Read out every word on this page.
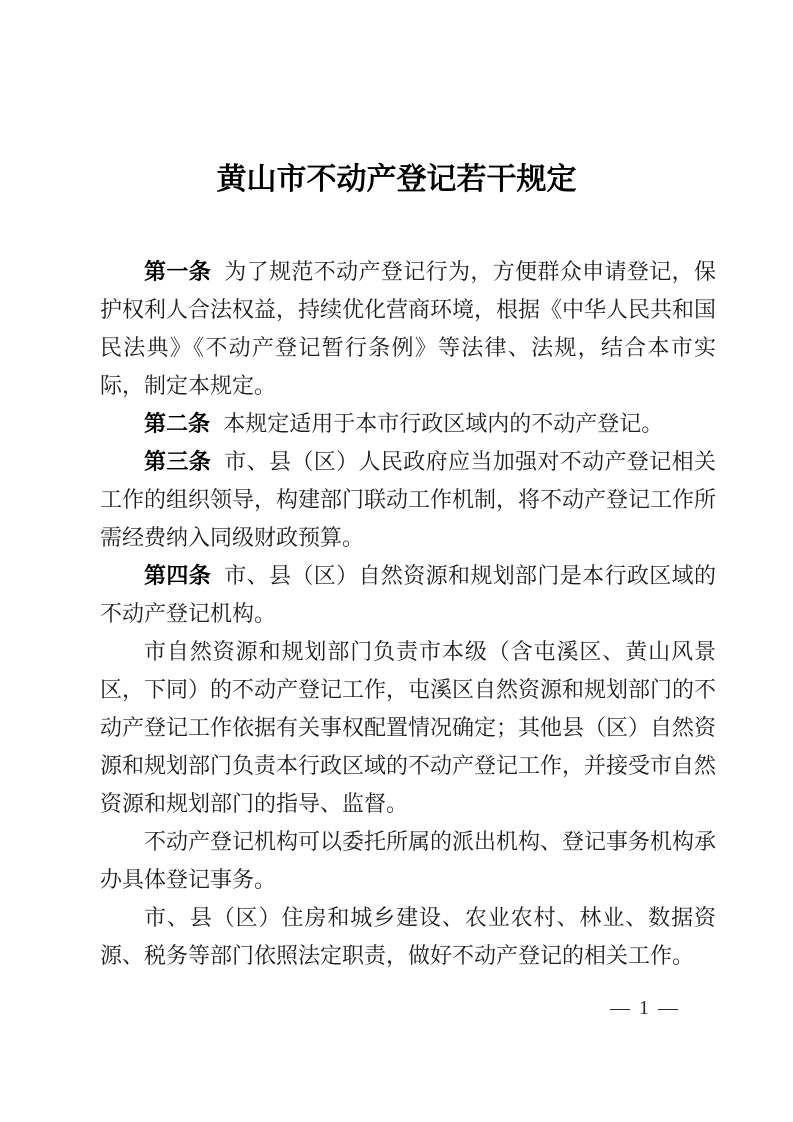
黄山市不动产登记若干规定

第一条 为了规范不动产登记行为，方便群众申请登记，保护权利人合法权益，持续优化营商环境，根据《中华人民共和国民法典》《不动产登记暂行条例》等法律、法规，结合本市实际，制定本规定。

第二条 本规定适用于本市行政区域内的不动产登记。

第三条 市、县（区）人民政府应当加强对不动产登记相关工作的组织领导，构建部门联动工作机制，将不动产登记工作所需经费纳入同级财政预算。

第四条 市、县（区）自然资源和规划部门是本行政区域的不动产登记机构。

市自然资源和规划部门负责市本级（含屯溪区、黄山风景区，下同）的不动产登记工作，屯溪区自然资源和规划部门的不动产登记工作依据有关事权配置情况确定；其他县（区）自然资源和规划部门负责本行政区域的不动产登记工作，并接受市自然资源和规划部门的指导、监督。

不动产登记机构可以委托所属的派出机构、登记事务机构承办具体登记事务。

市、县（区）住房和城乡建设、农业农村、林业、数据资源、税务等部门依照法定职责，做好不动产登记的相关工作。

— 1 —
